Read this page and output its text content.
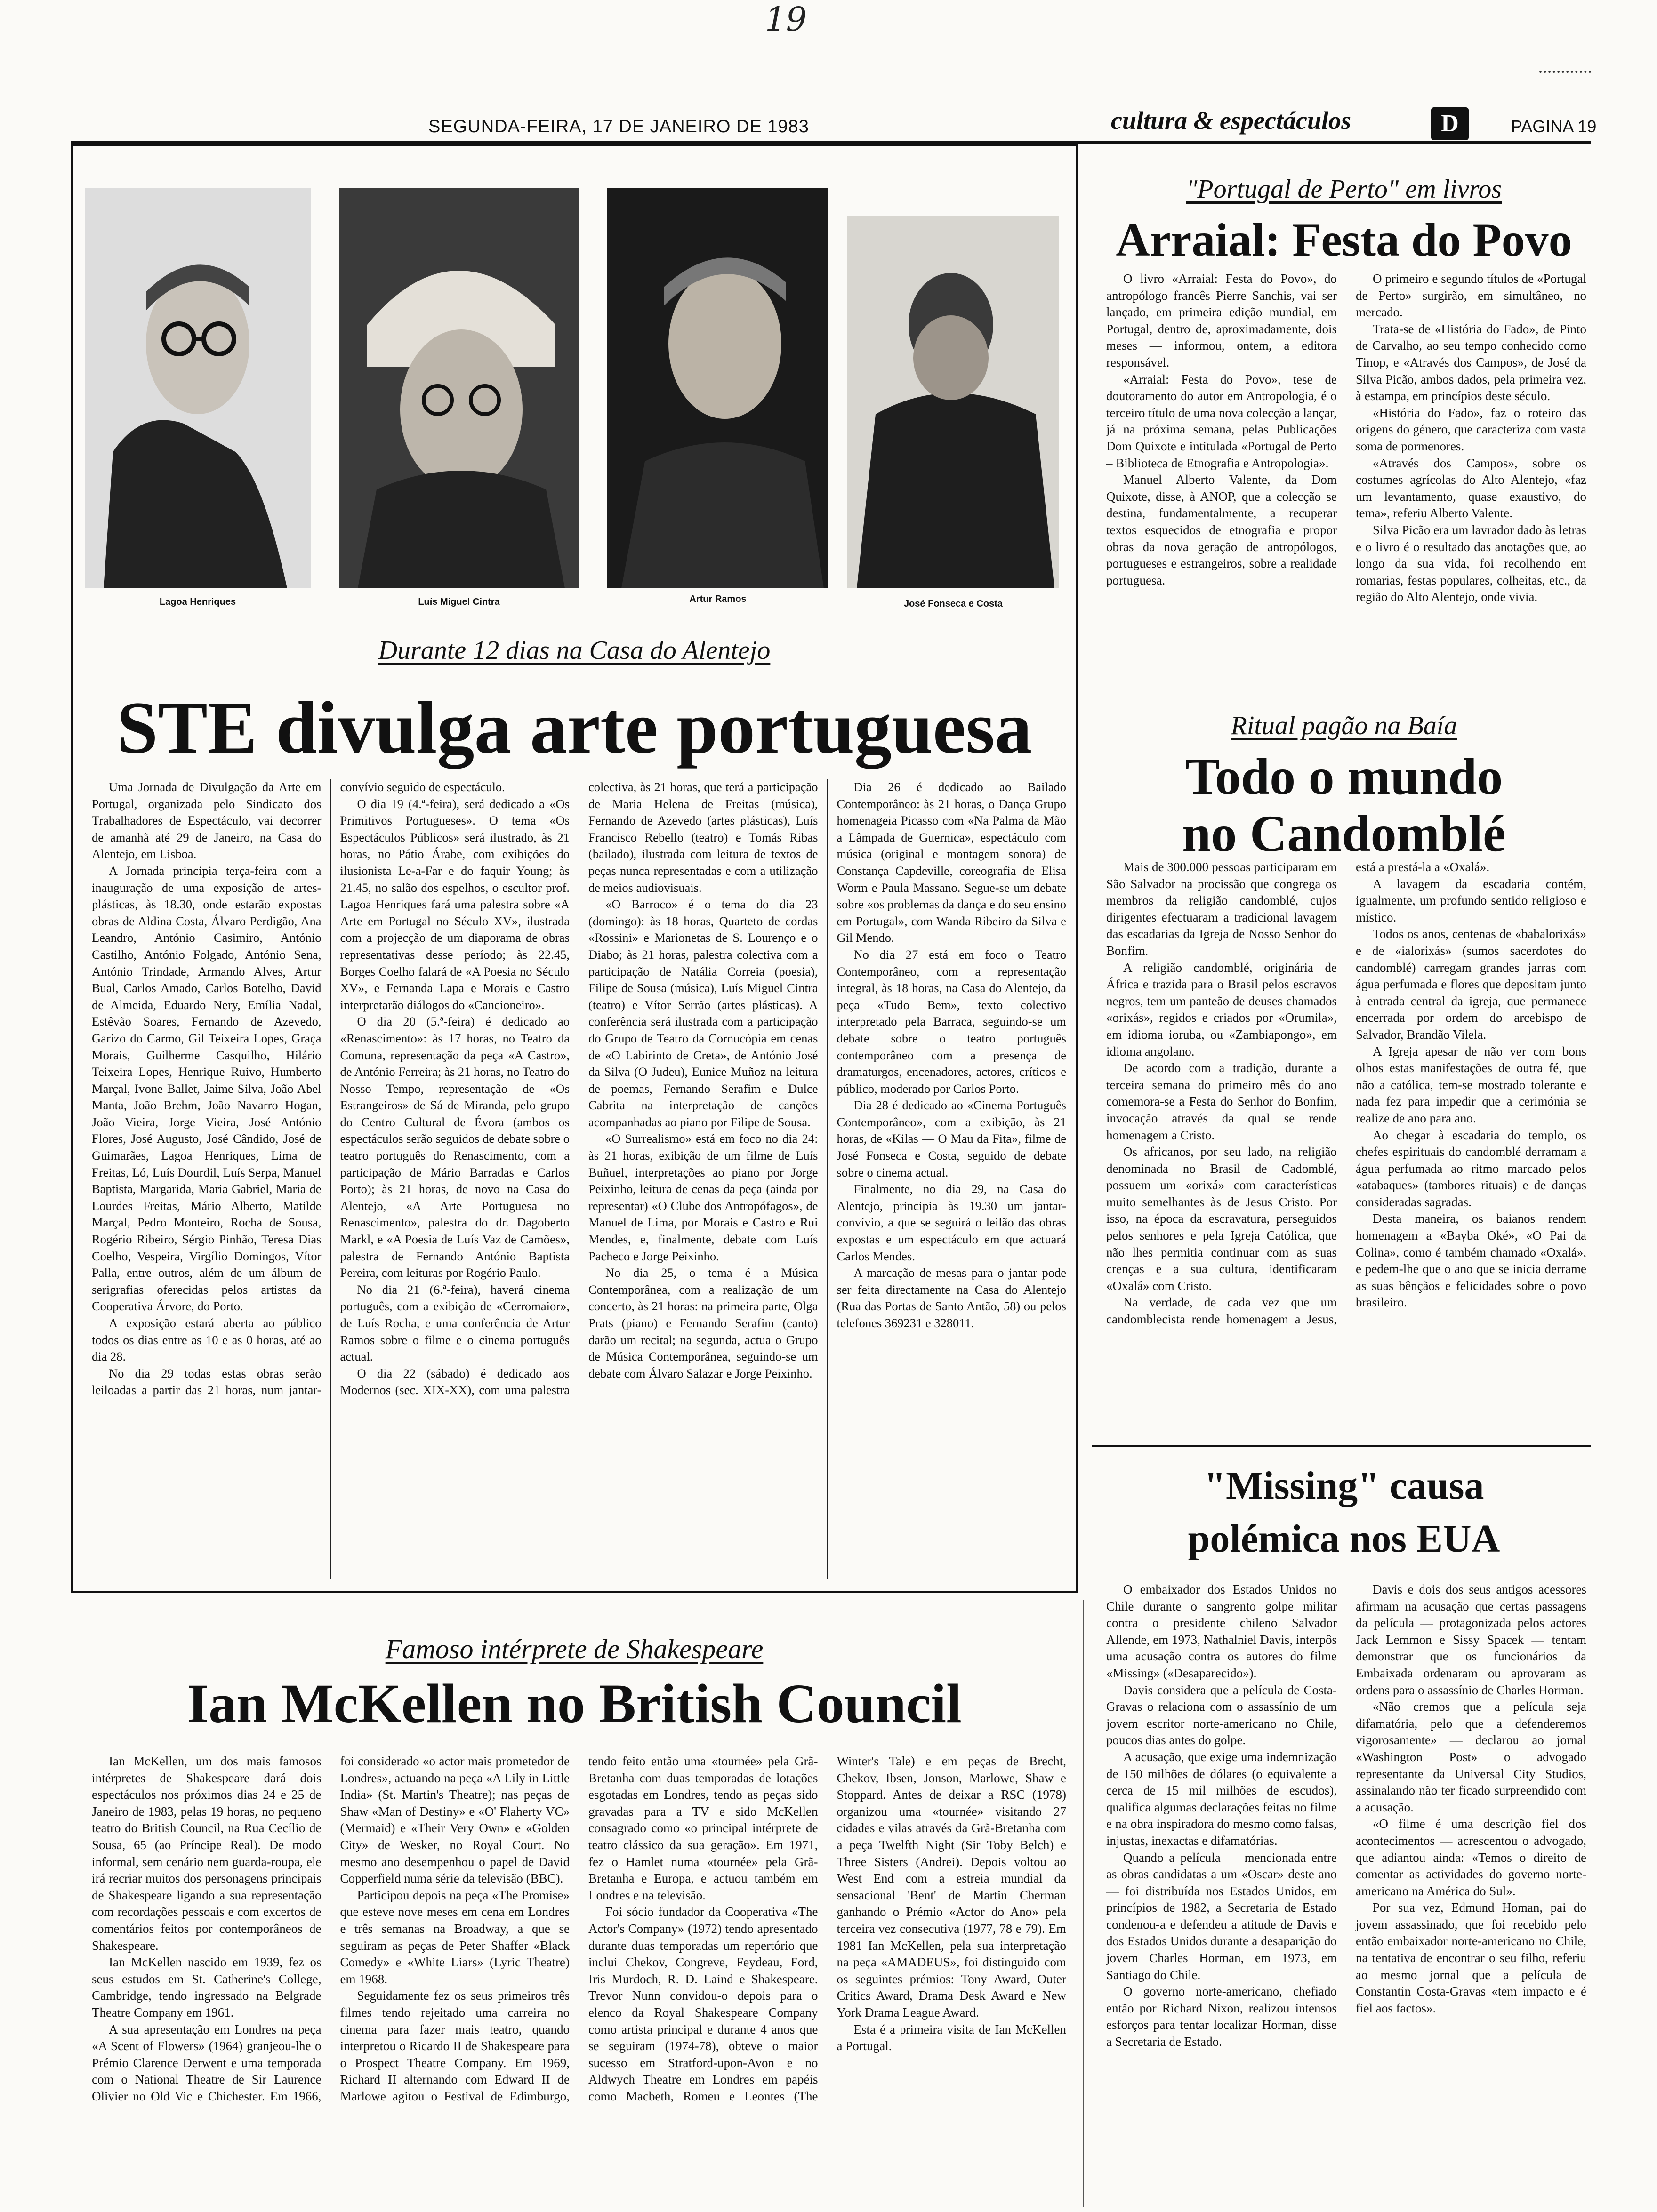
19
SEGUNDA-FEIRA, 17 DE JANEIRO DE 1983	cultura & espectáculos	D	PAGINA 19
Lagoa Henriques	Luís Miguel Cintra	Artur Ramos	José Fonseca e Costa
Durante 12 dias na Casa do Alentejo
STE divulga arte portuguesa

Uma Jornada de Divulgação da Arte em Portugal, organizada pelo Sindicato dos Trabalhadores de Espectáculo, vai decorrer de amanhã até 29 de Janeiro, na Casa do Alentejo, em Lisboa.

A Jornada principia terça-feira com a inauguração de uma exposição de artes-plásticas, às 18.30, onde estarão expostas obras de Aldina Costa, Álvaro Perdigão, Ana Leandro, António Casimiro, António Castilho, António Folgado, António Sena, António Trindade, Armando Alves, Artur Bual, Carlos Amado, Carlos Botelho, David de Almeida, Eduardo Nery, Emília Nadal, Estêvão Soares, Fernando de Azevedo, Garizo do Carmo, Gil Teixeira Lopes, Graça Morais, Guilherme Casquilho, Hilário Teixeira Lopes, Henrique Ruivo, Humberto Marçal, Ivone Ballet, Jaime Silva, João Abel Manta, João Brehm, João Navarro Hogan, João Vieira, Jorge Vieira, José António Flores, José Augusto, José Cândido, José de Guimarães, Lagoa Henriques, Lima de Freitas, Ló, Luís Dourdil, Luís Serpa, Manuel Baptista, Margarida, Maria Gabriel, Maria de Lourdes Freitas, Mário Alberto, Matilde Marçal, Pedro Monteiro, Rocha de Sousa, Rogério Ribeiro, Sérgio Pinhão, Teresa Dias Coelho, Vespeira, Virgílio Domingos, Vítor Palla, entre outros, além de um álbum de serigrafias oferecidas pelos artistas da Cooperativa Árvore, do Porto.

A exposição estará aberta ao público todos os dias entre as 10 e as 0 horas, até ao dia 28.

No dia 29 todas estas obras serão leiloadas a partir das 21 horas, num jantar-convívio seguido de espectáculo.

O dia 19 (4.ª-feira), será dedicado a «Os Primitivos Portugueses». O tema «Os Espectáculos Públicos» será ilustrado, às 21 horas, no Pátio Árabe, com exibições do ilusionista Le-a-Far e do faquir Young; às 21.45, no salão dos espelhos, o escultor prof. Lagoa Henriques fará uma palestra sobre «A Arte em Portugal no Século XV», ilustrada com a projecção de um diaporama de obras representativas desse período; às 22.45, Borges Coelho falará de «A Poesia no Século XV», e Fernanda Lapa e Morais e Castro interpretarão diálogos do «Cancioneiro».

O dia 20 (5.ª-feira) é dedicado ao «Renascimento»: às 17 horas, no Teatro da Comuna, representação da peça «A Castro», de António Ferreira; às 21 horas, no Teatro do Nosso Tempo, representação de «Os Estrangeiros» de Sá de Miranda, pelo grupo do Centro Cultural de Évora (ambos os espectáculos serão seguidos de debate sobre o teatro português do Renascimento, com a participação de Mário Barradas e Carlos Porto); às 21 horas, de novo na Casa do Alentejo, «A Arte Portuguesa no Renascimento», palestra do dr. Dagoberto Markl, e «A Poesia de Luís Vaz de Camões», palestra de Fernando António Baptista Pereira, com leituras por Rogério Paulo.

No dia 21 (6.ª-feira), haverá cinema português, com a exibição de «Cerromaior», de Luís Rocha, e uma conferência de Artur Ramos sobre o filme e o cinema português actual.

O dia 22 (sábado) é dedicado aos Modernos (sec. XIX-XX), com uma palestra colectiva, às 21 horas, que terá a participação de Maria Helena de Freitas (música), Fernando de Azevedo (artes plásticas), Luís Francisco Rebello (teatro) e Tomás Ribas (bailado), ilustrada com leitura de textos de peças nunca representadas e com a utilização de meios audiovisuais.

«O Barroco» é o tema do dia 23 (domingo): às 18 horas, Quarteto de cordas «Rossini» e Marionetas de S. Lourenço e o Diabo; às 21 horas, palestra colectiva com a participação de Natália Correia (poesia), Filipe de Sousa (música), Luís Miguel Cintra (teatro) e Vítor Serrão (artes plásticas). A conferência será ilustrada com a participação do Grupo de Teatro da Cornucópia em cenas de «O Labirinto de Creta», de António José da Silva (O Judeu), Eunice Muñoz na leitura de poemas, Fernando Serafim e Dulce Cabrita na interpretação de canções acompanhadas ao piano por Filipe de Sousa.

«O Surrealismo» está em foco no dia 24: às 21 horas, exibição de um filme de Luís Buñuel, interpretações ao piano por Jorge Peixinho, leitura de cenas da peça (ainda por representar) «O Clube dos Antropófagos», de Manuel de Lima, por Morais e Castro e Rui Mendes, e, finalmente, debate com Luís Pacheco e Jorge Peixinho.

No dia 25, o tema é a Música Contemporânea, com a realização de um concerto, às 21 horas: na primeira parte, Olga Prats (piano) e Fernando Serafim (canto) darão um recital; na segunda, actua o Grupo de Música Contemporânea, seguindo-se um debate com Álvaro Salazar e Jorge Peixinho.

Dia 26 é dedicado ao Bailado Contemporâneo: às 21 horas, o Dança Grupo homenageia Picasso com «Na Palma da Mão a Lâmpada de Guernica», espectáculo com música (original e montagem sonora) de Constança Capdeville, coreografia de Elisa Worm e Paula Massano. Segue-se um debate sobre «os problemas da dança e do seu ensino em Portugal», com Wanda Ribeiro da Silva e Gil Mendo.

No dia 27 está em foco o Teatro Contemporâneo, com a representação integral, às 18 horas, na Casa do Alentejo, da peça «Tudo Bem», texto colectivo interpretado pela Barraca, seguindo-se um debate sobre o teatro português contemporâneo com a presença de dramaturgos, encenadores, actores, críticos e público, moderado por Carlos Porto.

Dia 28 é dedicado ao «Cinema Português Contemporâneo», com a exibição, às 21 horas, de «Kilas — O Mau da Fita», filme de José Fonseca e Costa, seguido de debate sobre o cinema actual.

Finalmente, no dia 29, na Casa do Alentejo, principia às 19.30 um jantar-convívio, a que se seguirá o leilão das obras expostas e um espectáculo em que actuará Carlos Mendes.

A marcação de mesas para o jantar pode ser feita directamente na Casa do Alentejo (Rua das Portas de Santo Antão, 58) ou pelos telefones 369231 e 328011.

"Portugal de Perto" em livros
Arraial: Festa do Povo

O livro «Arraial: Festa do Povo», do antropólogo francês Pierre Sanchis, vai ser lançado, em primeira edição mundial, em Portugal, dentro de, aproximadamente, dois meses — informou, ontem, a editora responsável.

«Arraial: Festa do Povo», tese de doutoramento do autor em Antropologia, é o terceiro título de uma nova colecção a lançar, já na próxima semana, pelas Publicações Dom Quixote e intitulada «Portugal de Perto – Biblioteca de Etnografia e Antropologia».

Manuel Alberto Valente, da Dom Quixote, disse, à ANOP, que a colecção se destina, fundamentalmente, a recuperar textos esquecidos de etnografia e propor obras da nova geração de antropólogos, portugueses e estrangeiros, sobre a realidade portuguesa.

O primeiro e segundo títulos de «Portugal de Perto» surgirão, em simultâneo, no mercado.

Trata-se de «História do Fado», de Pinto de Carvalho, ao seu tempo conhecido como Tinop, e «Através dos Campos», de José da Silva Picão, ambos dados, pela primeira vez, à estampa, em princípios deste século.

«História do Fado», faz o roteiro das origens do género, que caracteriza com vasta soma de pormenores.

«Através dos Campos», sobre os costumes agrícolas do Alto Alentejo, «faz um levantamento, quase exaustivo, do tema», referiu Alberto Valente.

Silva Picão era um lavrador dado às letras e o livro é o resultado das anotações que, ao longo da sua vida, foi recolhendo em romarias, festas populares, colheitas, etc., da região do Alto Alentejo, onde vivia.

Ritual pagão na Baía
Todo o mundo
no Candomblé

Mais de 300.000 pessoas participaram em São Salvador na procissão que congrega os membros da religião candomblé, cujos dirigentes efectuaram a tradicional lavagem das escadarias da Igreja de Nosso Senhor do Bonfim.

A religião candomblé, originária de África e trazida para o Brasil pelos escravos negros, tem um panteão de deuses chamados «orixás», regidos e criados por «Orumila», em idioma ioruba, ou «Zambiapongo», em idioma angolano.

De acordo com a tradição, durante a terceira semana do primeiro mês do ano comemora-se a Festa do Senhor do Bonfim, invocação através da qual se rende homenagem a Cristo.

Os africanos, por seu lado, na religião denominada no Brasil de Cadomblé, possuem um «orixá» com características muito semelhantes às de Jesus Cristo. Por isso, na época da escravatura, perseguidos pelos senhores e pela Igreja Católica, que não lhes permitia continuar com as suas crenças e a sua cultura, identificaram «Oxalá» com Cristo.

Na verdade, de cada vez que um candomblecista rende homenagem a Jesus, está a prestá-la a «Oxalá».

A lavagem da escadaria contém, igualmente, um profundo sentido religioso e místico.

Todos os anos, centenas de «babalorixás» e de «ialorixás» (sumos sacerdotes do candomblé) carregam grandes jarras com água perfumada e flores que depositam junto à entrada central da igreja, que permanece encerrada por ordem do arcebispo de Salvador, Brandão Vilela.

A Igreja apesar de não ver com bons olhos estas manifestações de outra fé, que não a católica, tem-se mostrado tolerante e nada fez para impedir que a cerimónia se realize de ano para ano.

Ao chegar à escadaria do templo, os chefes espirituais do candomblé derramam a água perfumada ao ritmo marcado pelos «atabaques» (tambores rituais) e de danças consideradas sagradas.

Desta maneira, os baianos rendem homenagem a «Bayba Oké», «O Pai da Colina», como é também chamado «Oxalá», e pedem-lhe que o ano que se inicia derrame as suas bênçãos e felicidades sobre o povo brasileiro.

"Missing" causa
polémica nos EUA

O embaixador dos Estados Unidos no Chile durante o sangrento golpe militar contra o presidente chileno Salvador Allende, em 1973, Nathalniel Davis, interpôs uma acusação contra os autores do filme «Missing» («Desaparecido»).

Davis considera que a película de Costa-Gravas o relaciona com o assassínio de um jovem escritor norte-americano no Chile, poucos dias antes do golpe.

A acusação, que exige uma indemnização de 150 milhões de dólares (o equivalente a cerca de 15 mil milhões de escudos), qualifica algumas declarações feitas no filme e na obra inspiradora do mesmo como falsas, injustas, inexactas e difamatórias.

Quando a película — mencionada entre as obras candidatas a um «Oscar» deste ano — foi distribuída nos Estados Unidos, em princípios de 1982, a Secretaria de Estado condenou-a e defendeu a atitude de Davis e dos Estados Unidos durante a desaparição do jovem Charles Horman, em 1973, em Santiago do Chile.

O governo norte-americano, chefiado então por Richard Nixon, realizou intensos esforços para tentar localizar Horman, disse a Secretaria de Estado.

Davis e dois dos seus antigos acessores afirmam na acusação que certas passagens da película — protagonizada pelos actores Jack Lemmon e Sissy Spacek — tentam demonstrar que os funcionários da Embaixada ordenaram ou aprovaram as ordens para o assassínio de Charles Horman.

«Não cremos que a película seja difamatória, pelo que a defenderemos vigorosamente» — declarou ao jornal «Washington Post» o advogado representante da Universal City Studios, assinalando não ter ficado surpreendido com a acusação.

«O filme é uma descrição fiel dos acontecimentos — acrescentou o advogado, que adiantou ainda: «Temos o direito de comentar as actividades do governo norte-americano na América do Sul».

Por sua vez, Edmund Homan, pai do jovem assassinado, que foi recebido pelo então embaixador norte-americano no Chile, na tentativa de encontrar o seu filho, referiu ao mesmo jornal que a película de Constantin Costa-Gravas «tem impacto e é fiel aos factos».

Famoso intérprete de Shakespeare
Ian McKellen no British Council

Ian McKellen, um dos mais famosos intérpretes de Shakespeare dará dois espectáculos nos próximos dias 24 e 25 de Janeiro de 1983, pelas 19 horas, no pequeno teatro do British Council, na Rua Cecílio de Sousa, 65 (ao Príncipe Real). De modo informal, sem cenário nem guarda-roupa, ele irá recriar muitos dos personagens principais de Shakespeare ligando a sua representação com recordações pessoais e com excertos de comentários feitos por contemporâneos de Shakespeare.

Ian McKellen nascido em 1939, fez os seus estudos em St. Catherine's College, Cambridge, tendo ingressado na Belgrade Theatre Company em 1961.

A sua apresentação em Londres na peça «A Scent of Flowers» (1964) granjeou-lhe o Prémio Clarence Derwent e uma temporada com o National Theatre de Sir Laurence Olivier no Old Vic e Chichester. Em 1966, foi considerado «o actor mais prometedor de Londres», actuando na peça «A Lily in Little India» (St. Martin's Theatre); nas peças de Shaw «Man of Destiny» e «O' Flaherty VC» (Mermaid) e «Their Very Own» e «Golden City» de Wesker, no Royal Court. No mesmo ano desempenhou o papel de David Copperfield numa série da televisão (BBC).

Participou depois na peça «The Promise» que esteve nove meses em cena em Londres e três semanas na Broadway, a que se seguiram as peças de Peter Shaffer «Black Comedy» e «White Liars» (Lyric Theatre) em 1968.

Seguidamente fez os seus primeiros três filmes tendo rejeitado uma carreira no cinema para fazer mais teatro, quando interpretou o Ricardo II de Shakespeare para o Prospect Theatre Company. Em 1969, Richard II alternando com Edward II de Marlowe agitou o Festival de Edimburgo, tendo feito então uma «tournée» pela Grã-Bretanha com duas temporadas de lotações esgotadas em Londres, tendo as peças sido gravadas para a TV e sido McKellen consagrado como «o principal intérprete de teatro clássico da sua geração». Em 1971, fez o Hamlet numa «tournée» pela Grã-Bretanha e Europa, e actuou também em Londres e na televisão.

Foi sócio fundador da Cooperativa «The Actor's Company» (1972) tendo apresentado durante duas temporadas um repertório que inclui Chekov, Congreve, Feydeau, Ford, Iris Murdoch, R. D. Laind e Shakespeare. Trevor Nunn convidou-o depois para o elenco da Royal Shakespeare Company como artista principal e durante 4 anos que se seguiram (1974-78), obteve o maior sucesso em Stratford-upon-Avon e no Aldwych Theatre em Londres em papéis como Macbeth, Romeu e Leontes (The Winter's Tale) e em peças de Brecht, Chekov, Ibsen, Jonson, Marlowe, Shaw e Stoppard. Antes de deixar a RSC (1978) organizou uma «tournée» visitando 27 cidades e vilas através da Grã-Bretanha com a peça Twelfth Night (Sir Toby Belch) e Three Sisters (Andrei). Depois voltou ao West End com a estreia mundial da sensacional 'Bent' de Martin Cherman ganhando o Prémio «Actor do Ano» pela terceira vez consecutiva (1977, 78 e 79). Em 1981 Ian McKellen, pela sua interpretação na peça «AMADEUS», foi distinguido com os seguintes prémios: Tony Award, Outer Critics Award, Drama Desk Award e New York Drama League Award.

Esta é a primeira visita de Ian McKellen a Portugal.
